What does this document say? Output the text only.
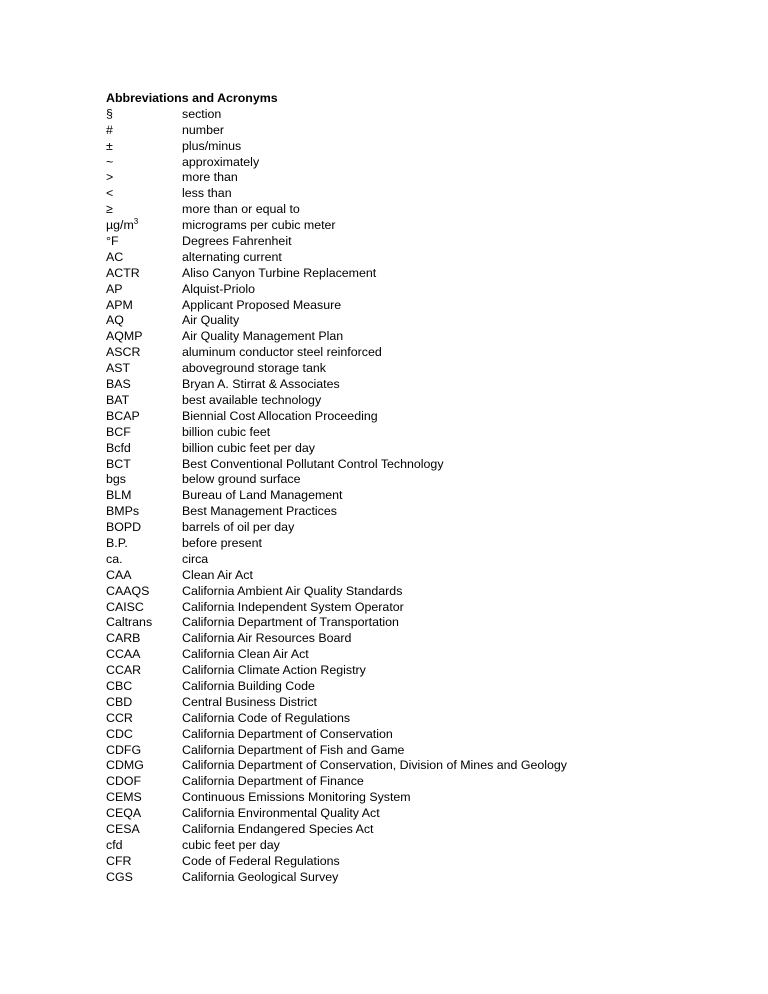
Abbreviations and Acronyms
§	section
#	number
±	plus/minus
~	approximately
>	more than
<	less than
≥	more than or equal to
$\mu g/m^3$	micrograms per cubic meter
°F	Degrees Fahrenheit
AC	alternating current
ACTR	Aliso Canyon Turbine Replacement
AP	Alquist-Priolo
APM	Applicant Proposed Measure
AQ	Air Quality
AQMP	Air Quality Management Plan
ASCR	aluminum conductor steel reinforced
AST	aboveground storage tank
BAS	Bryan A. Stirrat & Associates
BAT	best available technology
BCAP	Biennial Cost Allocation Proceeding
BCF	billion cubic feet
Bcfd	billion cubic feet per day
BCT	Best Conventional Pollutant Control Technology
bgs	below ground surface
BLM	Bureau of Land Management
BMPs	Best Management Practices
BOPD	barrels of oil per day
B.P.	before present
ca.	circa
CAA	Clean Air Act
CAAQS	California Ambient Air Quality Standards
CAISC	California Independent System Operator
Caltrans	California Department of Transportation
CARB	California Air Resources Board
CCAA	California Clean Air Act
CCAR	California Climate Action Registry
CBC	California Building Code
CBD	Central Business District
CCR	California Code of Regulations
CDC	California Department of Conservation
CDFG	California Department of Fish and Game
CDMG	California Department of Conservation, Division of Mines and Geology
CDOF	California Department of Finance
CEMS	Continuous Emissions Monitoring System
CEQA	California Environmental Quality Act
CESA	California Endangered Species Act
cfd	cubic feet per day
CFR	Code of Federal Regulations
CGS	California Geological Survey
